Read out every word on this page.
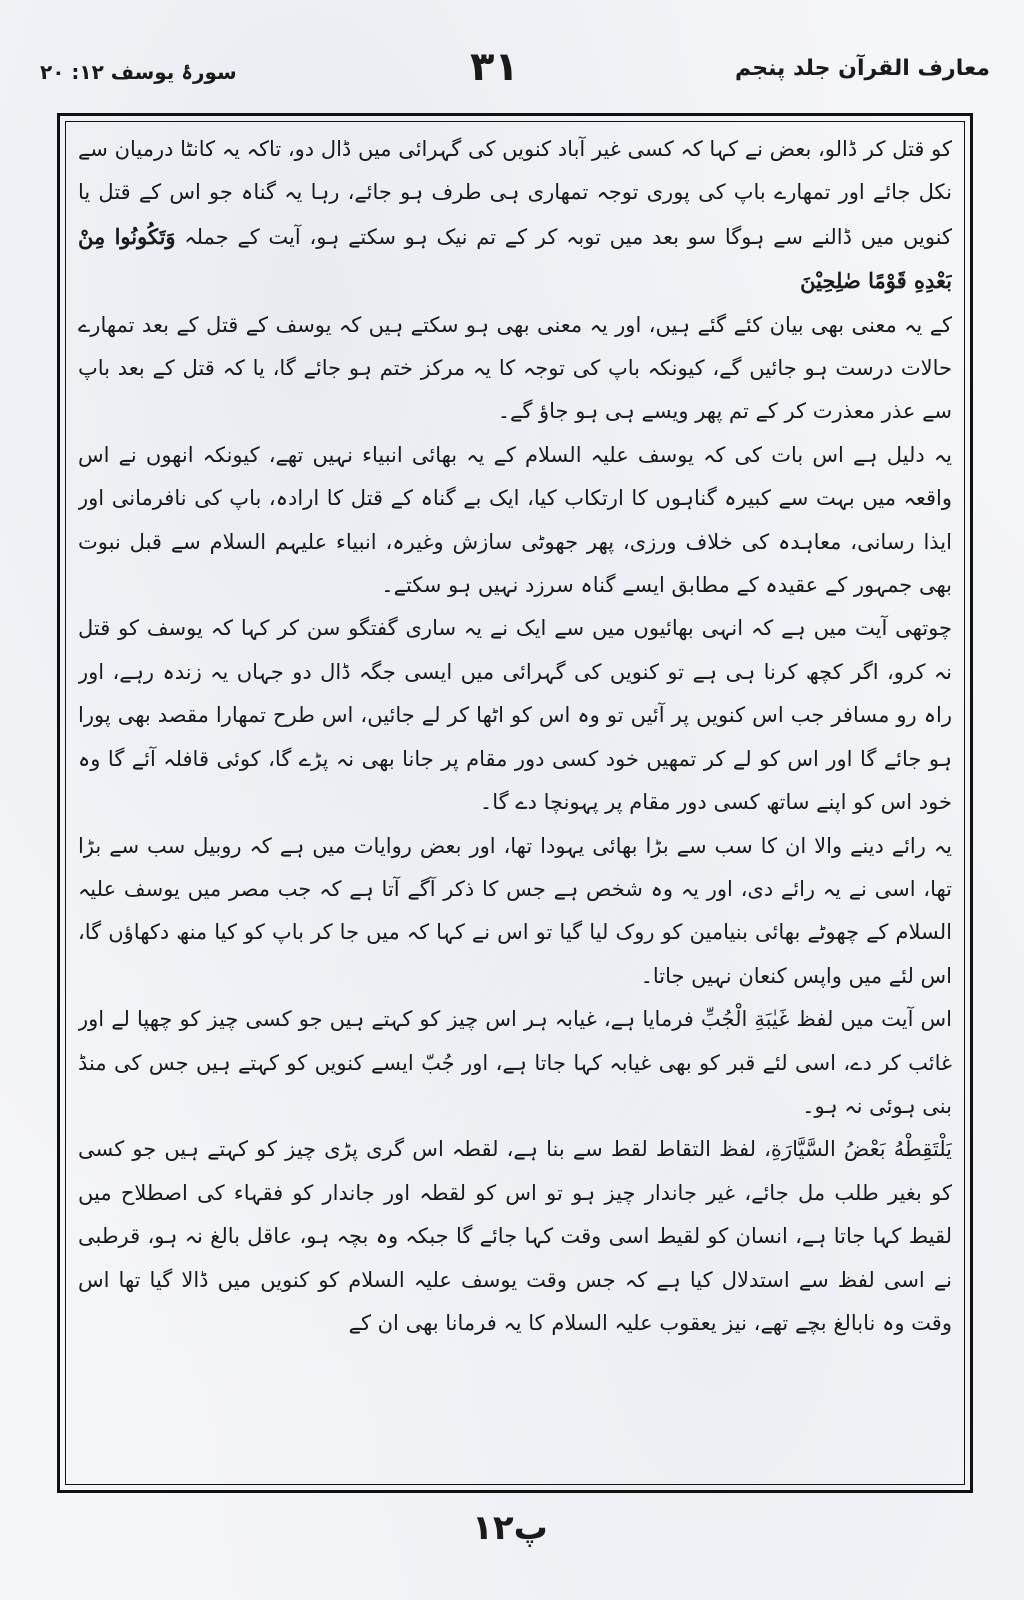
سورۂ یوسف ۱۲: ۲۰	۳۱	معارف القرآن جلد پنجم

کو قتل کر ڈالو، بعض نے کہا کہ کسی غیر آباد کنویں کی گہرائی میں ڈال دو، تاکہ یہ کانٹا درمیان سے نکل جائے اور تمھارے باپ کی پوری توجہ تمھاری ہی طرف ہو جائے، رہا یہ گناہ جو اس کے قتل یا کنویں میں ڈالنے سے ہوگا سو بعد میں توبہ کر کے تم نیک ہو سکتے ہو، آیت کے جملہ وَتَكُونُوا مِنْ بَعْدِهِ قَوْمًا صٰلِحِيْنَ

کے یہ معنی بھی بیان کئے گئے ہیں، اور یہ معنی بھی ہو سکتے ہیں کہ یوسف کے قتل کے بعد تمھارے حالات درست ہو جائیں گے، کیونکہ باپ کی توجہ کا یہ مرکز ختم ہو جائے گا، یا کہ قتل کے بعد باپ سے عذر معذرت کر کے تم پھر ویسے ہی ہو جاؤ گے۔

یہ دلیل ہے اس بات کی کہ یوسف علیہ السلام کے یہ بھائی انبیاء نہیں تھے، کیونکہ انھوں نے اس واقعہ میں بہت سے کبیرہ گناہوں کا ارتکاب کیا، ایک بے گناہ کے قتل کا ارادہ، باپ کی نافرمانی اور ایذا رسانی، معاہدہ کی خلاف ورزی، پھر جھوٹی سازش وغیرہ، انبیاء علیہم السلام سے قبل نبوت بھی جمہور کے عقیدہ کے مطابق ایسے گناہ سرزد نہیں ہو سکتے۔

چوتھی آیت میں ہے کہ انہی بھائیوں میں سے ایک نے یہ ساری گفتگو سن کر کہا کہ یوسف کو قتل نہ کرو، اگر کچھ کرنا ہی ہے تو کنویں کی گہرائی میں ایسی جگہ ڈال دو جہاں یہ زندہ رہے، اور راہ رو مسافر جب اس کنویں پر آئیں تو وہ اس کو اٹھا کر لے جائیں، اس طرح تمھارا مقصد بھی پورا ہو جائے گا اور اس کو لے کر تمھیں خود کسی دور مقام پر جانا بھی نہ پڑے گا، کوئی قافلہ آئے گا وہ خود اس کو اپنے ساتھ کسی دور مقام پر پہونچا دے گا۔

یہ رائے دینے والا ان کا سب سے بڑا بھائی یہودا تھا، اور بعض روایات میں ہے کہ روبیل سب سے بڑا تھا، اسی نے یہ رائے دی، اور یہ وہ شخص ہے جس کا ذکر آگے آتا ہے کہ جب مصر میں یوسف علیہ السلام کے چھوٹے بھائی بنیامین کو روک لیا گیا تو اس نے کہا کہ میں جا کر باپ کو کیا منھ دکھاؤں گا، اس لئے میں واپس کنعان نہیں جاتا۔

اس آیت میں لفظ غَيٰبَةِ الْجُبِّ فرمایا ہے، غیابہ ہر اس چیز کو کہتے ہیں جو کسی چیز کو چھپا لے اور غائب کر دے، اسی لئے قبر کو بھی غیابہ کہا جاتا ہے، اور جُبّ ایسے کنویں کو کہتے ہیں جس کی منڈ بنی ہوئی نہ ہو۔

يَلْتَقِطْهُ بَعْضُ السَّيَّارَةِ، لفظ التقاط لقط سے بنا ہے، لقطہ اس گری پڑی چیز کو کہتے ہیں جو کسی کو بغیر طلب مل جائے، غیر جاندار چیز ہو تو اس کو لقطہ اور جاندار کو فقہاء کی اصطلاح میں لقیط کہا جاتا ہے، انسان کو لقیط اسی وقت کہا جائے گا جبکہ وہ بچہ ہو، عاقل بالغ نہ ہو، قرطبی نے اسی لفظ سے استدلال کیا ہے کہ جس وقت یوسف علیہ السلام کو کنویں میں ڈالا گیا تھا اس وقت وہ نابالغ بچے تھے، نیز یعقوب علیہ السلام کا یہ فرمانا بھی ان کے

۱۲پ
